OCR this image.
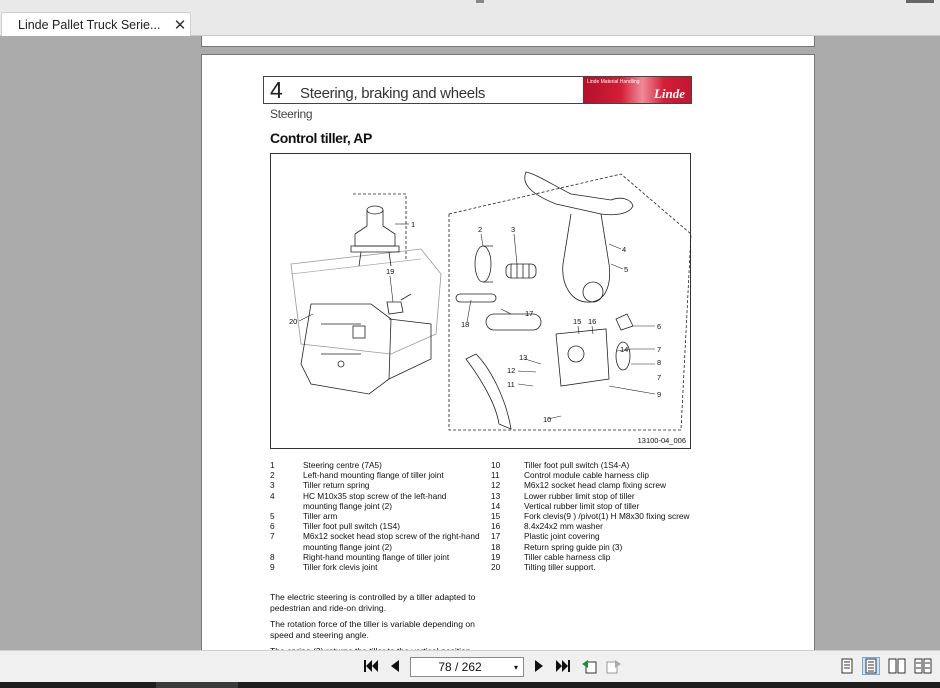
Linde Pallet Truck Serie... ✕
4 Steering, braking and wheels
Linde Material Handling
Linde
Steering
Control tiller, AP
1
2	3
4
5
6
7
8
7
9
10
11
12
13
14
15 16
17
18
19
20
13100-04_006
1	Steering centre (7A5)
2	Left-hand mounting flange of tiller joint
3	Tiller return spring
4	HC M10x35 stop screw of the left-hand mounting flange joint (2)
5	Tiller arm
6	Tiller foot pull switch (1S4)
7	M6x12 socket head stop screw of the right-hand mounting flange joint (2)
8	Right-hand mounting flange of tiller joint
9	Tiller fork clevis joint
10	Tiller foot pull switch (1S4-A)
11	Control module cable harness clip
12	M6x12 socket head clamp fixing screw
13	Lower rubber limit stop of tiller
14	Vertical rubber limit stop of tiller
15	Fork clevis(9 ) /pivot(1) H M8x30 fixing screw
16	8.4x24x2 mm washer
17	Plastic joint covering
18	Return spring guide pin (3)
19	Tiller cable harness clip
20	Tilting tiller support.

The electric steering is controlled by a tiller adapted to pedestrian and ride-on driving.

The rotation force of the tiller is variable depending on speed and steering angle.

78 / 262	▾
